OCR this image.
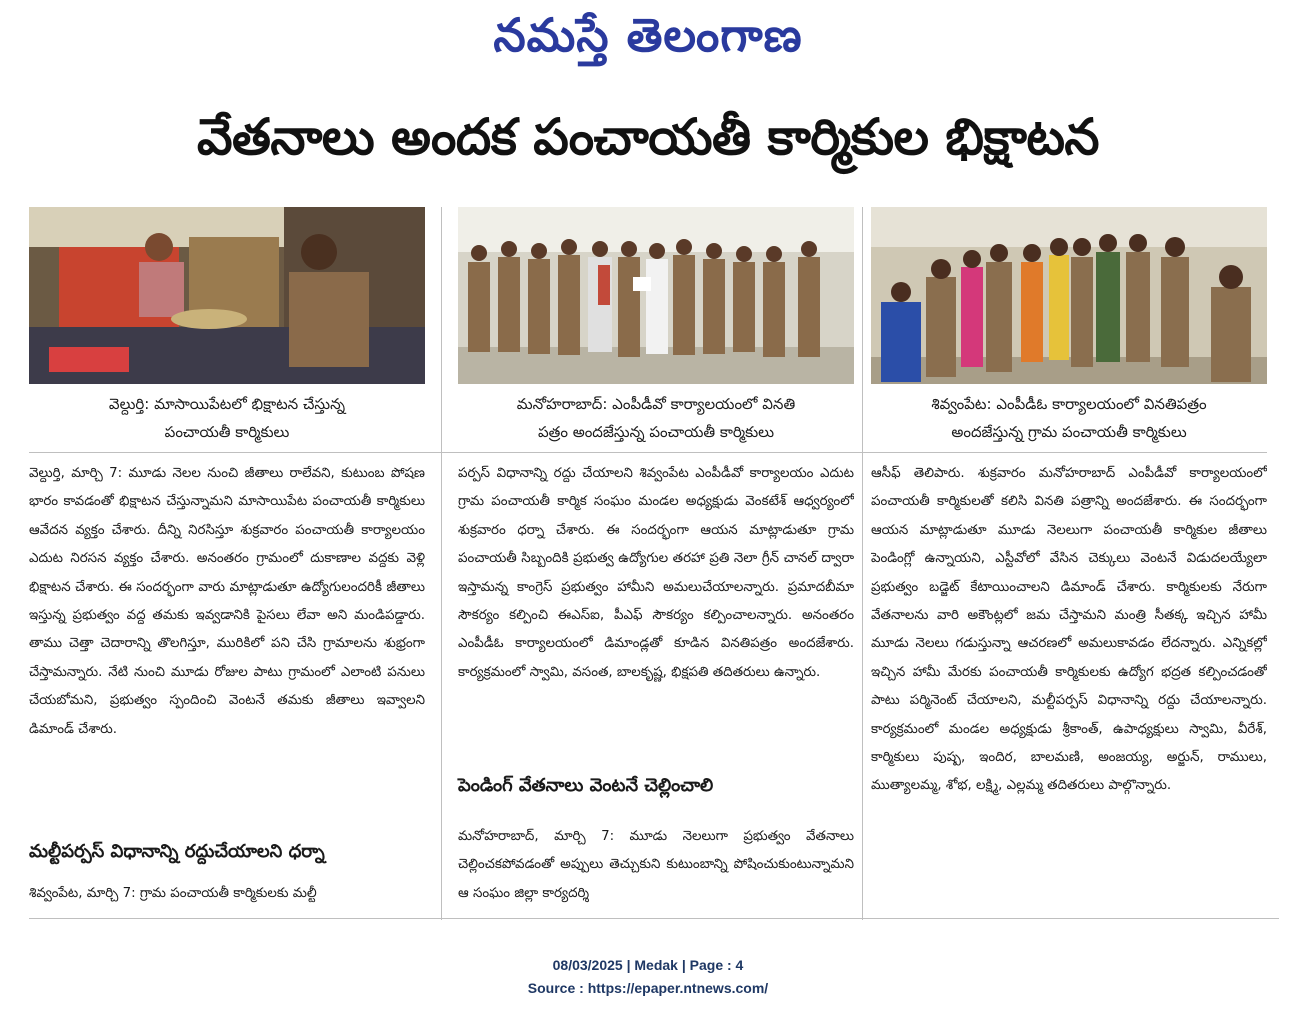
నమస్తే తెలంగాణ
వేతనాలు అందక పంచాయతీ కార్మికుల భిక్షాటన
వెల్దుర్తి: మాసాయిపేటలో భిక్షాటన చేస్తున్న
పంచాయతీ కార్మికులు
మనోహరాబాద్: ఎంపీడీవో కార్యాలయంలో వినతి
పత్రం అందజేస్తున్న పంచాయతీ కార్మికులు
శివ్వంపేట: ఎంపీడీఓ కార్యాలయంలో వినతిపత్రం
అందజేస్తున్న గ్రామ పంచాయతీ కార్మికులు

వెల్దుర్తి, మార్చి 7: మూడు నెలల నుంచి జీతాలు రాలేవని, కుటుంబ పోషణ భారం కావడంతో భిక్షాటన చేస్తున్నామని మాసాయిపేట పంచాయతీ కార్మికులు ఆవేదన వ్యక్తం చేశారు. దీన్ని నిరసిస్తూ శుక్రవారం పంచాయతీ కార్యాలయం ఎదుట నిరసన వ్యక్తం చేశారు. అనంతరం గ్రామంలో దుకాణాల వద్దకు వెళ్లి భిక్షాటన చేశారు. ఈ సందర్భంగా వారు మాట్లాడుతూ ఉద్యోగులందరికీ జీతాలు ఇస్తున్న ప్రభుత్వం వద్ద తమకు ఇవ్వడానికి పైసలు లేవా అని మండిపడ్డారు. తాము చెత్తా చెదారాన్ని తొలగిస్తూ, మురికిలో పని చేసి గ్రామాలను శుభ్రంగా చేస్తామన్నారు. నేటి నుంచి మూడు రోజుల పాటు గ్రామంలో ఎలాంటి పనులు చేయబోమని, ప్రభుత్వం స్పందించి వెంటనే తమకు జీతాలు ఇవ్వాలని డిమాండ్ చేశారు.

మల్టీపర్పస్ విధానాన్ని రద్దుచేయాలని ధర్నా

శివ్వంపేట, మార్చి 7: గ్రామ పంచాయతీ కార్మికులకు మల్టీ

పర్పస్ విధానాన్ని రద్దు చేయాలని శివ్వంపేట ఎంపీడీవో కార్యాలయం ఎదుట గ్రామ పంచాయతీ కార్మిక సంఘం మండల అధ్యక్షుడు వెంకటేశ్ ఆధ్వర్యంలో శుక్రవారం ధర్నా చేశారు. ఈ సందర్భంగా ఆయన మాట్లాడుతూ గ్రామ పంచాయతీ సిబ్బందికి ప్రభుత్వ ఉద్యోగుల తరహా ప్రతి నెలా గ్రీన్ చానల్ ద్వారా ఇస్తామన్న కాంగ్రెస్ ప్రభుత్వం హామీని అమలుచేయాలన్నారు. ప్రమాదబీమా సౌకర్యం కల్పించి ఈఎస్ఐ, పీఎఫ్ సౌకర్యం కల్పించాలన్నారు. అనంతరం ఎంపీడీఓ కార్యాలయంలో డిమాండ్లతో కూడిన వినతిపత్రం అందజేశారు. కార్యక్రమంలో స్వామి, వసంత, బాలకృష్ణ, భిక్షపతి తదితరులు ఉన్నారు.

పెండింగ్ వేతనాలు వెంటనే చెల్లించాలి

మనోహరాబాద్, మార్చి 7: మూడు నెలలుగా ప్రభుత్వం వేతనాలు చెల్లించకపోవడంతో అప్పులు తెచ్చుకుని కుటుంబాన్ని పోషించుకుంటున్నామని ఆ సంఘం జిల్లా కార్యదర్శి

ఆసీఫ్ తెలిపారు. శుక్రవారం మనోహరాబాద్ ఎంపీడీవో కార్యాలయంలో పంచాయతీ కార్మికులతో కలిసి వినతి పత్రాన్ని అందజేశారు. ఈ సందర్భంగా ఆయన మాట్లాడుతూ మూడు నెలలుగా పంచాయతీ కార్మికుల జీతాలు పెండింగ్లో ఉన్నాయని, ఎస్టీవోలో వేసిన చెక్కులు వెంటనే విడుదలయ్యేలా ప్రభుత్వం బడ్జెట్ కేటాయించాలని డిమాండ్ చేశారు. కార్మికులకు నేరుగా వేతనాలను వారి అకౌంట్లలో జమ చేస్తామని మంత్రి సీతక్క ఇచ్చిన హామీ మూడు నెలలు గడుస్తున్నా ఆచరణలో అమలుకావడం లేదన్నారు. ఎన్నికల్లో ఇచ్చిన హామీ మేరకు పంచాయతీ కార్మికులకు ఉద్యోగ భద్రత కల్పించడంతో పాటు పర్మినెంట్ చేయాలని, మల్టీపర్పస్ విధానాన్ని రద్దు చేయాలన్నారు. కార్యక్రమంలో మండల అధ్యక్షుడు శ్రీకాంత్, ఉపాధ్యక్షులు స్వామి, వీరేశ్, కార్మికులు పుష్ప, ఇందిర, బాలమణి, అంజయ్య, అర్జున్, రాములు, ముత్యాలమ్మ, శోభ, లక్ష్మి, ఎల్లమ్మ తదితరులు పాల్గొన్నారు.

08/03/2025 | Medak | Page : 4
Source : https://epaper.ntnews.com/
